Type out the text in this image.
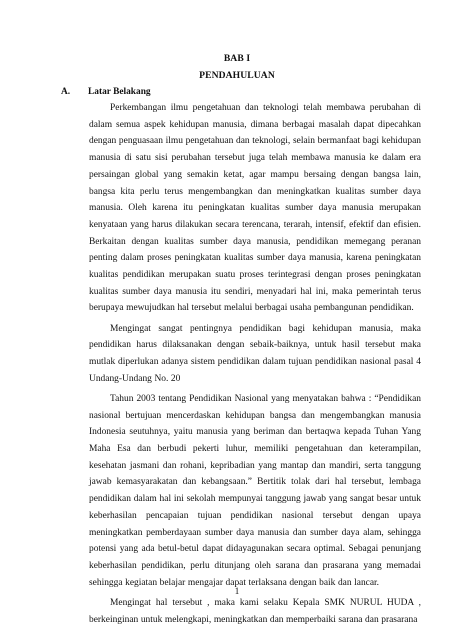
BAB I
PENDAHULUAN
A. Latar Belakang

Perkembangan ilmu pengetahuan dan teknologi telah membawa perubahan di dalam semua aspek kehidupan manusia, dimana berbagai masalah dapat dipecahkan dengan penguasaan ilmu pengetahuan dan teknologi, selain bermanfaat bagi kehidupan manusia di satu sisi perubahan tersebut juga telah membawa manusia ke dalam era persaingan global yang semakin ketat, agar mampu bersaing dengan bangsa lain, bangsa kita perlu terus mengembangkan dan meningkatkan kualitas sumber daya manusia. Oleh karena itu peningkatan kualitas sumber daya manusia merupakan kenyataan yang harus dilakukan secara terencana, terarah, intensif, efektif dan efisien. Berkaitan dengan kualitas sumber daya manusia, pendidikan memegang peranan penting dalam proses peningkatan kualitas sumber daya manusia, karena peningkatan kualitas pendidikan merupakan suatu proses terintegrasi dengan proses peningkatan kualitas sumber daya manusia itu sendiri, menyadari hal ini, maka pemerintah terus berupaya mewujudkan hal tersebut melalui berbagai usaha pembangunan pendidikan.

Mengingat sangat pentingnya pendidikan bagi kehidupan manusia, maka pendidikan harus dilaksanakan dengan sebaik-baiknya, untuk hasil tersebut maka mutlak diperlukan adanya sistem pendidikan dalam tujuan pendidikan nasional pasal 4 Undang-Undang No. 20

Tahun 2003 tentang Pendidikan Nasional yang menyatakan bahwa : “Pendidikan nasional bertujuan mencerdaskan kehidupan bangsa dan mengembangkan manusia Indonesia seutuhnya, yaitu manusia yang beriman dan bertaqwa kepada Tuhan Yang Maha Esa dan berbudi pekerti luhur, memiliki pengetahuan dan keterampilan, kesehatan jasmani dan rohani, kepribadian yang mantap dan mandiri, serta tanggung jawab kemasyarakatan dan kebangsaan.” Bertitik tolak dari hal tersebut, lembaga pendidikan dalam hal ini sekolah mempunyai tanggung jawab yang sangat besar untuk keberhasilan pencapaian tujuan pendidikan nasional tersebut dengan upaya meningkatkan pemberdayaan sumber daya manusia dan sumber daya alam, sehingga potensi yang ada betul-betul dapat didayagunakan secara optimal. Sebagai penunjang keberhasilan pendidikan, perlu ditunjang oleh sarana dan prasarana yang memadai sehingga kegiatan belajar mengajar dapat terlaksana dengan baik dan lancar.

Mengingat hal tersebut , maka kami selaku Kepala SMK NURUL HUDA , berkeinginan untuk melengkapi, meningkatkan dan memperbaiki sarana dan prasarana

1
